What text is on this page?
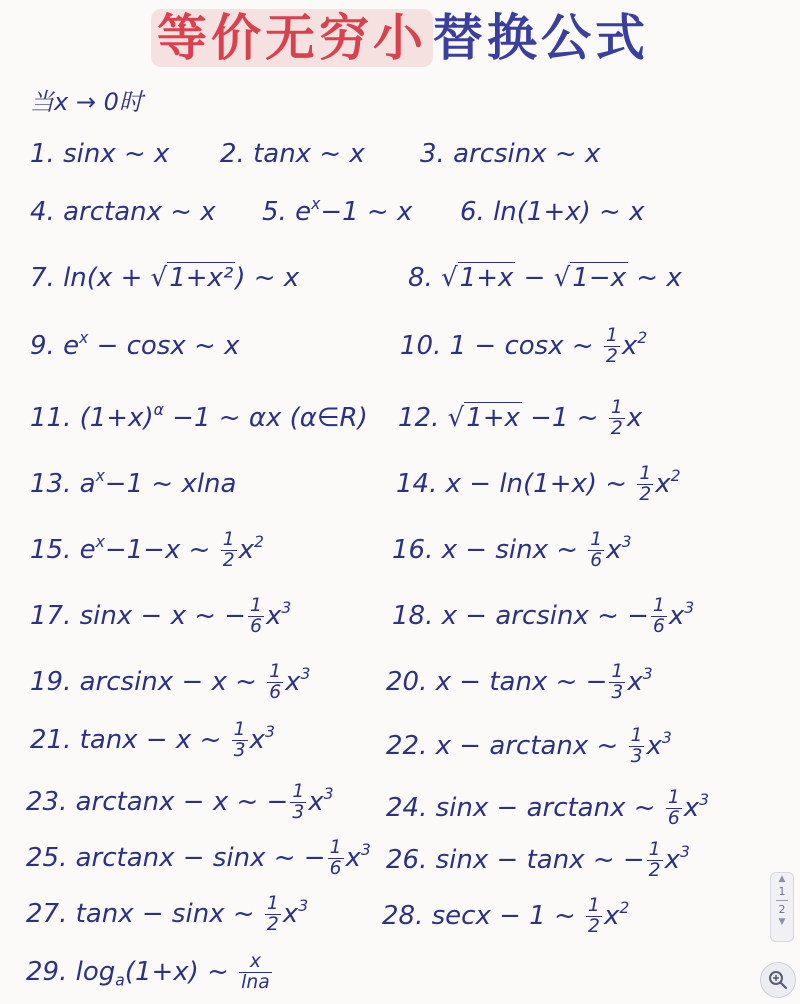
等价无穷小 替换公式
当x → 0时
1. sinx ~ x 2. tanx ~ x 3. arcsinx ~ x
4. arctanx ~ x 5. $e^x-1$ ~ x 6. ln(1+x) ~ x
7. ln(x + √1+x²) ~ x	8. √1+x − √1−x ~ x
9. $e^x - \cos x$ ~ x	10. 1 − cosx ~ $\frac{1}{2} x^2$
11. $(1+x)^\alpha -1$ ~ αx (α∈R) 12. √1+x −1 ~ $\frac{1}{2}$ x
13. $a^x-1$ ~ xlna	14. x − ln(1+x) ~ $\frac{1}{2} x^2$
15. $e^x-1-x$ ~ $\frac{1}{2} x^2$	16. x − sinx ~ $\frac{1}{6} x^3$
17. sinx − x ~ − $\frac{1}{6} x^3$	18. x − arcsinx ~ − $\frac{1}{6} x^3$
19. arcsinx − x ~ $\frac{1}{6} x^3$	20. x − tanx ~ − $\frac{1}{3} x^3$
21. tanx − x ~ $\frac{1}{3} x^3$	22. x − arctanx ~ $\frac{1}{3} x^3$
23. arctanx − x ~ − $\frac{1}{3} x^3$ 24. sinx − arctanx ~ $\frac{1}{6} x^3$
25. arctanx − sinx ~ − $\frac{1}{6} x^3$ 26. sinx − tanx ~ − $\frac{1}{2} x^3$
27. tanx − sinx ~ $\frac{1}{2} x^3$	28. secx − 1 ~ $\frac{1}{2} x^2$
29. $\log_a(1+x)$ ~ $\frac{x}{\ln a}$
▲
1
2
▼
